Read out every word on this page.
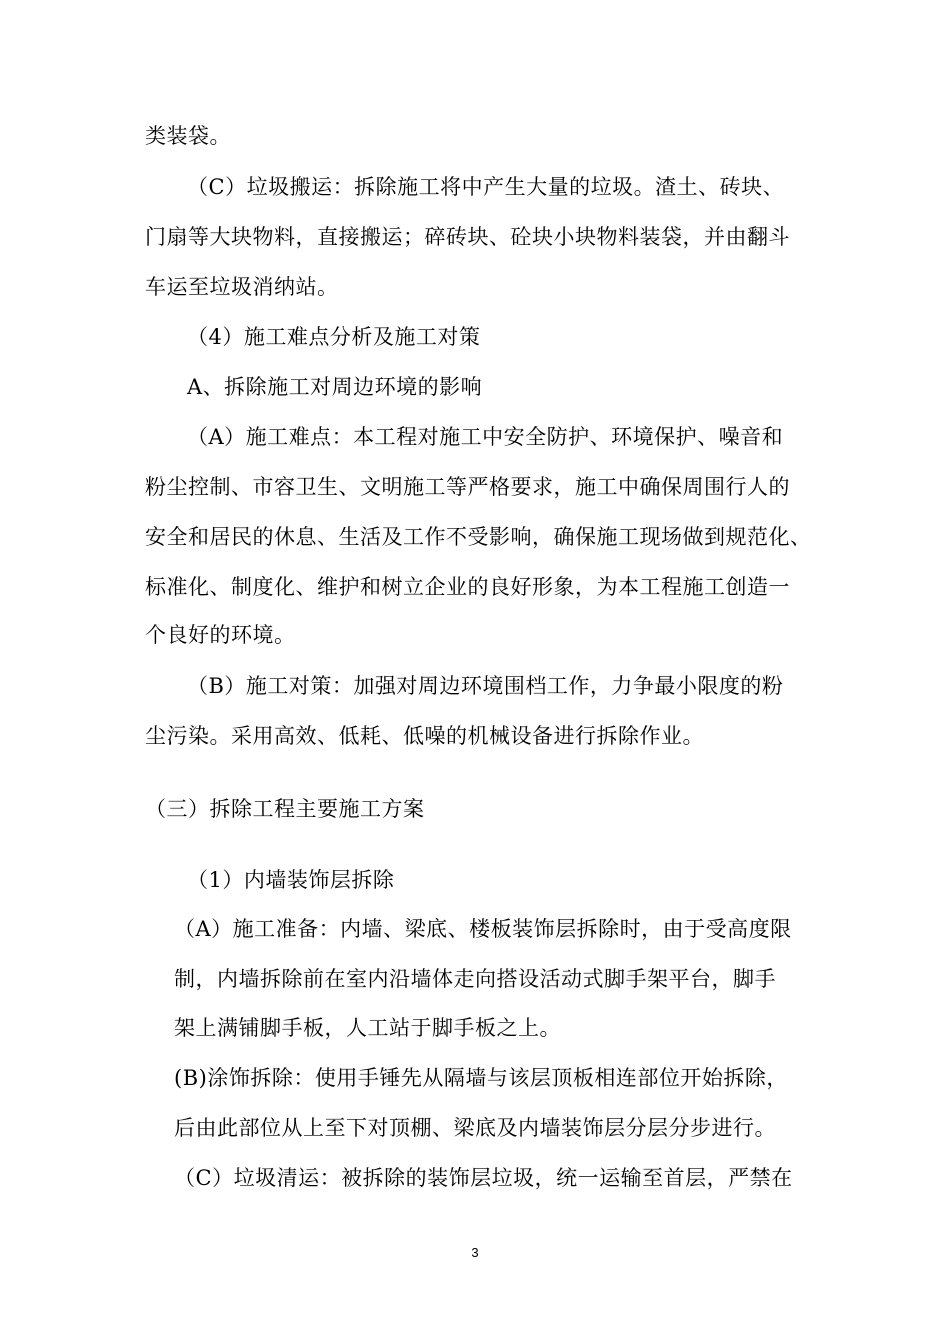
类装袋。
（C）垃圾搬运：拆除施工将中产生大量的垃圾。渣土、砖块、
门扇等大块物料，直接搬运；碎砖块、砼块小块物料装袋，并由翻斗
车运至垃圾消纳站。
（4）施工难点分析及施工对策
A、拆除施工对周边环境的影响
（A）施工难点：本工程对施工中安全防护、环境保护、噪音和
粉尘控制、市容卫生、文明施工等严格要求，施工中确保周围行人的
安全和居民的休息、生活及工作不受影响，确保施工现场做到规范化、
标准化、制度化、维护和树立企业的良好形象，为本工程施工创造一
个良好的环境。
（B）施工对策：加强对周边环境围档工作，力争最小限度的粉
尘污染。采用高效、低耗、低噪的机械设备进行拆除作业。
（三）拆除工程主要施工方案
（1）内墙装饰层拆除
（A）施工准备：内墙、梁底、楼板装饰层拆除时，由于受高度限
制，内墙拆除前在室内沿墙体走向搭设活动式脚手架平台，脚手
架上满铺脚手板，人工站于脚手板之上。
(B)涂饰拆除：使用手锤先从隔墙与该层顶板相连部位开始拆除，
后由此部位从上至下对顶棚、梁底及内墙装饰层分层分步进行。
（C）垃圾清运：被拆除的装饰层垃圾，统一运输至首层，严禁在
3
